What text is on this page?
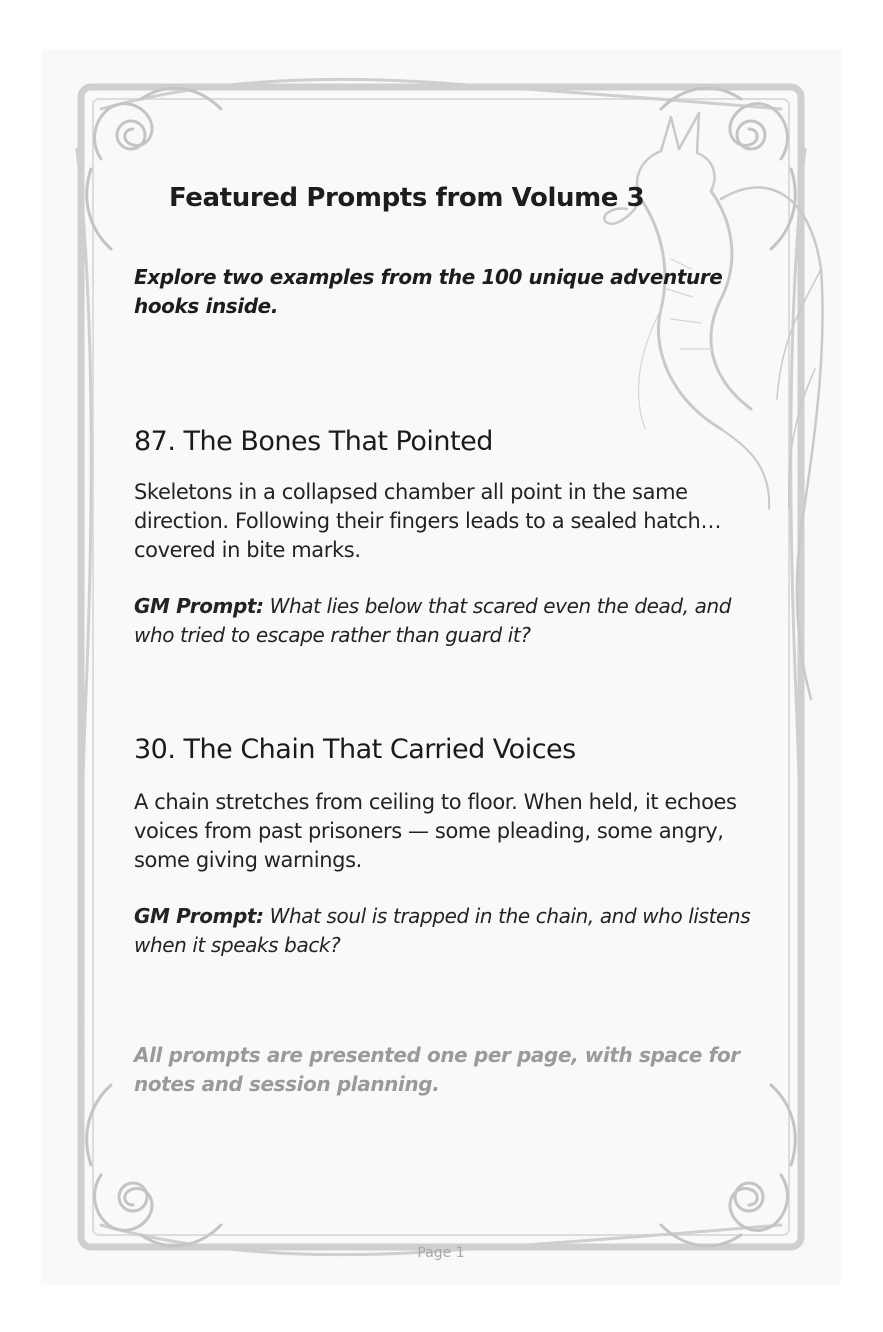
Featured Prompts from Volume 3

Explore two examples from the 100 unique adventure hooks inside.

87. The Bones That Pointed

Skeletons in a collapsed chamber all point in the same direction. Following their fingers leads to a sealed hatch… covered in bite marks.

GM Prompt: What lies below that scared even the dead, and who tried to escape rather than guard it?

30. The Chain That Carried Voices

A chain stretches from ceiling to floor. When held, it echoes voices from past prisoners — some pleading, some angry, some giving warnings.

GM Prompt: What soul is trapped in the chain, and who listens when it speaks back?

All prompts are presented one per page, with space for notes and session planning.

Page 1
